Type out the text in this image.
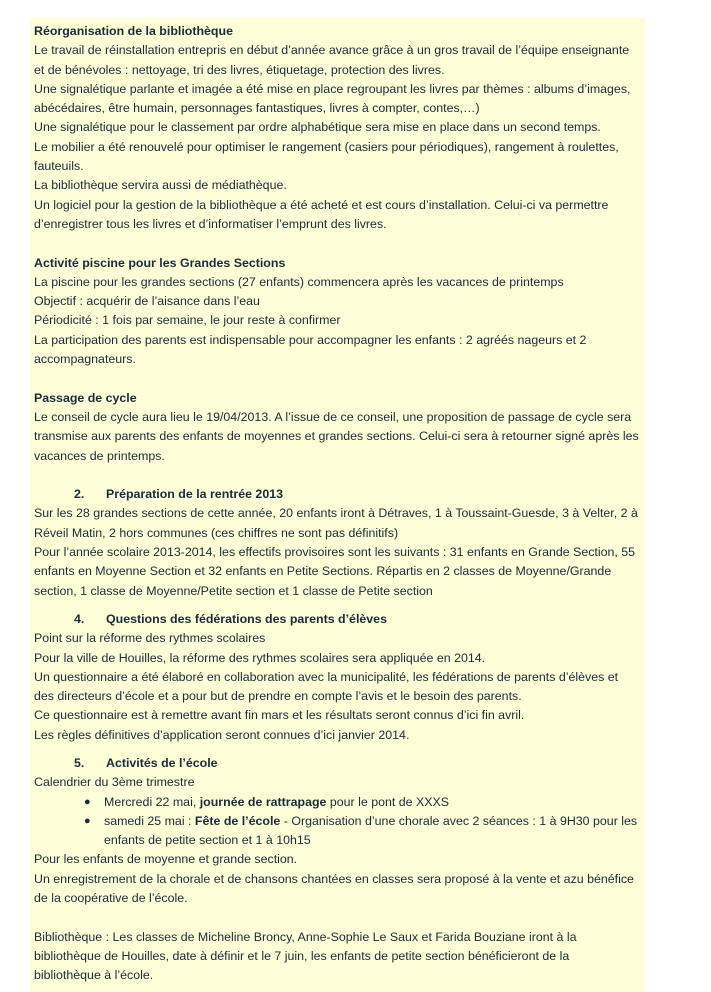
Réorganisation de la bibliothèque
Le travail de réinstallation entrepris en début d’année avance grâce à un gros travail de l’équipe enseignante et de bénévoles : nettoyage, tri des livres, étiquetage, protection des livres.
Une signalétique parlante et imagée a été mise en place regroupant les livres par thèmes : albums d’images, abécédaires, être humain, personnages fantastiques, livres à compter, contes,…)
Une signalétique pour le classement par ordre alphabétique sera mise en place dans un second temps.
Le mobilier a été renouvelé pour optimiser le rangement (casiers pour périodiques), rangement à roulettes, fauteuils.
La bibliothèque servira aussi de médiathèque.
Un logiciel pour la gestion de la bibliothèque a été acheté et est cours d’installation. Celui-ci va permettre d’enregistrer tous les livres et d’informatiser l’emprunt des livres.
Activité piscine pour les Grandes Sections
La piscine pour les grandes sections (27 enfants) commencera après les vacances de printemps
Objectif : acquérir de l’aisance dans l’eau
Périodicité : 1 fois par semaine, le jour reste à confirmer
La participation des parents est indispensable pour accompagner les enfants : 2 agréés nageurs et 2 accompagnateurs.
Passage de cycle
Le conseil de cycle aura lieu le 19/04/2013. A l’issue de ce conseil, une proposition de passage de cycle sera transmise aux parents des enfants de moyennes et grandes sections. Celui-ci sera à retourner signé après les vacances de printemps.
2. Préparation de la rentrée 2013
Sur les 28 grandes sections de cette année, 20 enfants iront à Détraves, 1 à Toussaint-Guesde, 3 à Velter, 2 à Réveil Matin, 2 hors communes (ces chiffres ne sont pas définitifs)
Pour l’année scolaire 2013-2014, les effectifs provisoires sont les suivants : 31 enfants en Grande Section, 55 enfants en Moyenne Section et 32 enfants en Petite Sections. Répartis en 2 classes de Moyenne/Grande section, 1 classe de Moyenne/Petite section et 1 classe de Petite section
4. Questions des fédérations des parents d’élèves
Point sur la réforme des rythmes scolaires
Pour la ville de Houilles, la réforme des rythmes scolaires sera appliquée en 2014.
Un questionnaire a été élaboré en collaboration avec la municipalité, les fédérations de parents d’élèves et des directeurs d’école et a pour but de prendre en compte l’avis et le besoin des parents.
Ce questionnaire est à remettre avant fin mars et les résultats seront connus d’ici fin avril.
Les règles définitives d’application seront connues d’ici janvier 2014.
5. Activités de l’école
Calendrier du 3ème trimestre
● Mercredi 22 mai, journée de rattrapage pour le pont de XXXS
● samedi 25 mai : Fête de l’école - Organisation d’une chorale avec 2 séances : 1 à 9H30 pour les enfants de petite section et 1 à 10h15
Pour les enfants de moyenne et grande section.
Un enregistrement de la chorale et de chansons chantées en classes sera proposé à la vente et azu bénéfice de la coopérative de l’école.
Bibliothèque : Les classes de Micheline Broncy, Anne-Sophie Le Saux et Farida Bouziane iront à la bibliothèque de Houilles, date à définir et le 7 juin, les enfants de petite section bénéficieront de la bibliothèque à l’école.
